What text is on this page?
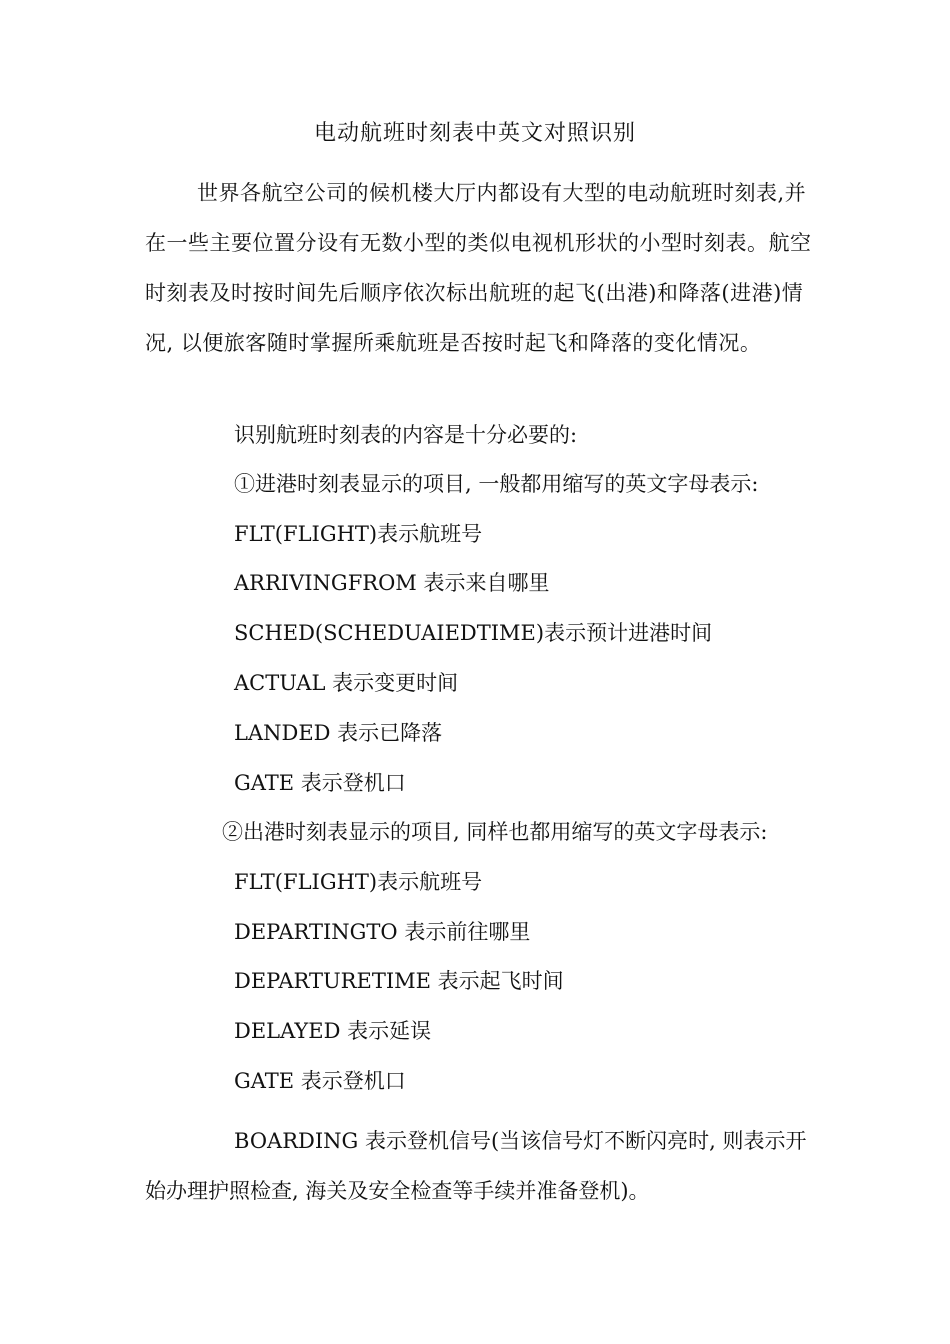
电动航班时刻表中英文对照识别

世界各航空公司的候机楼大厅内都设有大型的电动航班时刻表,并在一些主要位置分设有无数小型的类似电视机形状的小型时刻表。航空时刻表及时按时间先后顺序依次标出航班的起飞(出港)和降落(进港)情况, 以便旅客随时掌握所乘航班是否按时起飞和降落的变化情况。

识别航班时刻表的内容是十分必要的:

①进港时刻表显示的项目, 一般都用缩写的英文字母表示:

FLT(FLIGHT)表示航班号

ARRIVINGFROM 表示来自哪里

SCHED(SCHEDUAIEDTIME)表示预计进港时间

ACTUAL 表示变更时间

LANDED 表示已降落

GATE 表示登机口

②出港时刻表显示的项目, 同样也都用缩写的英文字母表示:

FLT(FLIGHT)表示航班号

DEPARTINGTO 表示前往哪里

DEPARTURETIME 表示起飞时间

DELAYED 表示延误

GATE 表示登机口

BOARDING 表示登机信号(当该信号灯不断闪亮时, 则表示开始办理护照检查, 海关及安全检查等手续并准备登机)。
